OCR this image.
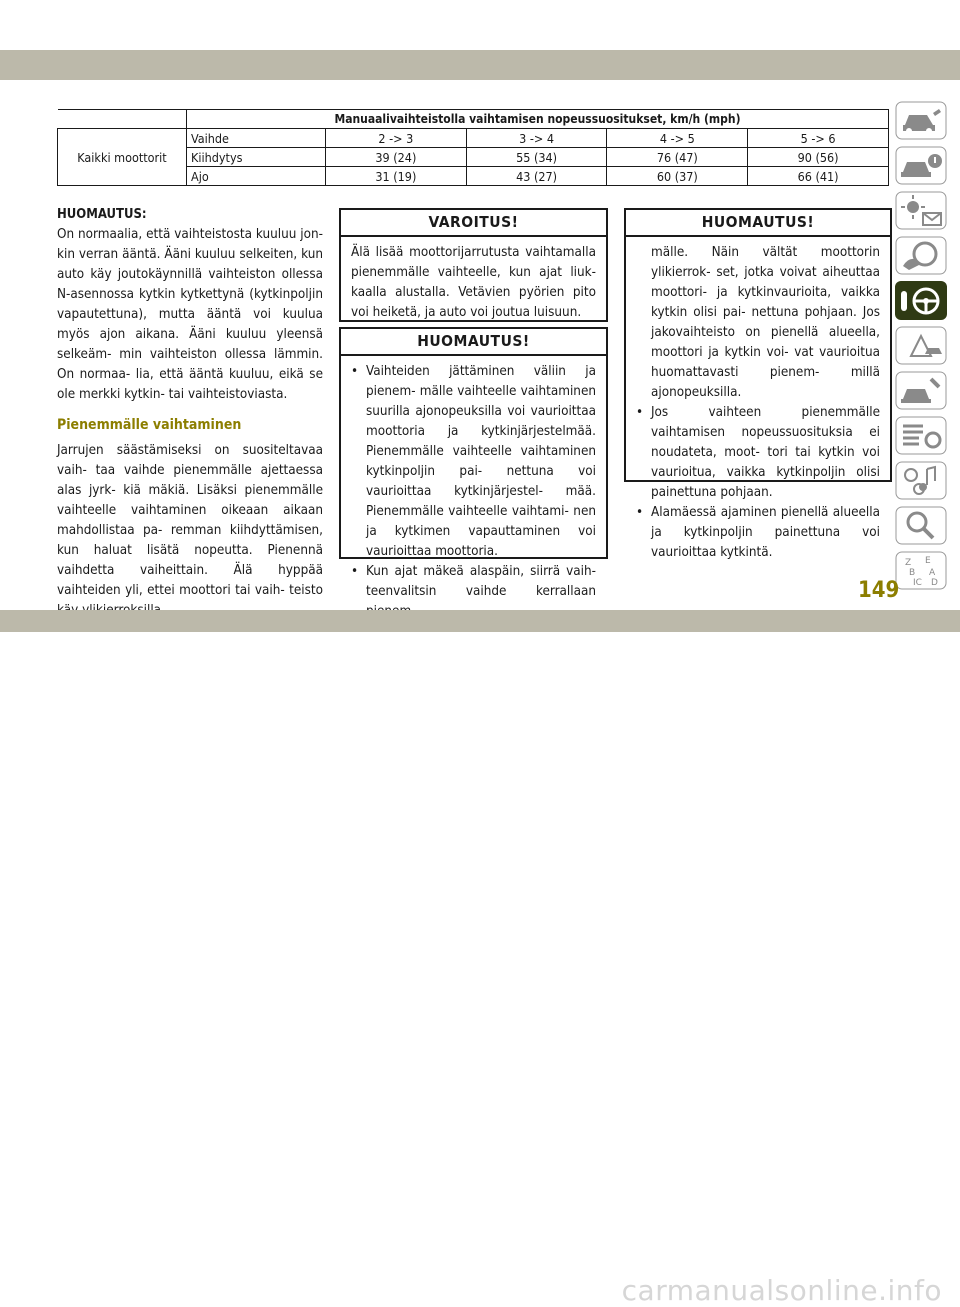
	Manuaalivaihteistolla vaihtamisen nopeussuositukset, km/h (mph)				
Kaikki moottorit	Vaihde	2 -> 3	3 -> 4	4 -> 5	5 -> 6
	Kiihdytys	39 (24)	55 (34)	76 (47)	90 (56)
	Ajo	31 (19)	43 (27)	60 (37)	66 (41)
HUOMAUTUS:

On normaalia, että vaihteistosta kuuluu jon- kin verran ääntä. Ääni kuuluu selkeiten, kun auto käy joutokäynnillä vaihteiston ollessa N-asennossa kytkin kytkettynä (kytkinpoljin vapautettuna), mutta ääntä voi kuulua myös ajon aikana. Ääni kuuluu yleensä selkeäm- min vaihteiston ollessa lämmin. On normaa- lia, että ääntä kuuluu, eikä se ole merkki kytkin- tai vaihteistoviasta.

Pienemmälle vaihtaminen

Jarrujen säästämiseksi on suositeltavaa vaih- taa vaihde pienemmälle ajettaessa alas jyrk- kiä mäkiä. Lisäksi pienemmälle vaihteelle vaihtaminen oikeaan aikaan mahdollistaa pa- remman kiihdyttämisen, kun haluat lisätä nopeutta. Pienennä vaihdetta vaiheittain. Älä hyppää vaihteiden yli, ettei moottori tai vaih- teisto

VAROITUS!
Älä lisää moottorijarrutusta vaihtamalla pienemmälle vaihteelle, kun ajat liuk- kaalla alustalla. Vetävien pyörien pito voi heiketä, ja auto voi joutua luisuun.
HUOMAUTUS!
• Vaihteiden jättäminen väliin ja pienem- mälle vaihteelle vaihtaminen suurilla ajonopeuksilla voi vaurioittaa moottoria ja kytkinjärjestelmää. Pienemmälle vaihteelle vaihtaminen kytkinpoljin pai- nettuna voi vaurioittaa kytkinjärjestel- mää. Pienemmälle vaihteelle vaihtami- nen ja kytkimen vapauttaminen voi vaurioittaa moottoria.
• Kun ajat mäkeä alaspäin, siirrä vaih- teenvalitsin vaihde kerrallaan
HUOMAUTUS!
mälle. Näin vältät moottorin ylikierrok- set, jotka voivat aiheuttaa moottori- ja kytkinvaurioita, vaikka kytkin olisi pai- nettuna pohjaan. Jos jakovaihteisto on pienellä alueella, moottori ja kytkin voi- vat vaurioitua huomattavasti pienem- millä ajonopeuksilla.
• Jos vaihteen pienemmälle vaihtamisen nopeussuosituksia ei noudateta, moot- tori tai kytkin voi vaurioitua, vaikka kytkinpoljin olisi painettuna pohjaan.
• Alamäessä ajaminen pienellä alueella ja kytkinpoljin painettuna voi vaurioittaa kytkintä.
Z E
B A
IC D
149
carmanualsonline.info
